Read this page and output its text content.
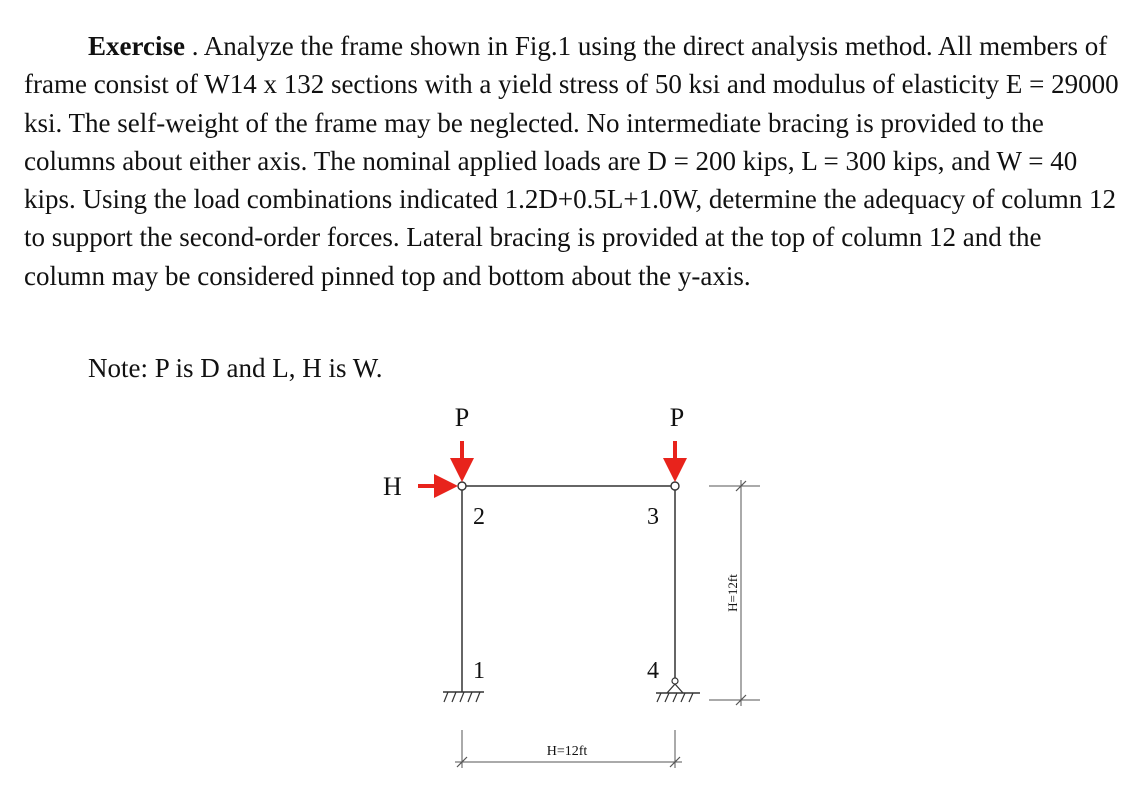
Exercise . Analyze the frame shown in Fig.1 using the direct analysis method. All members of frame consist of W14 x 132 sections with a yield stress of 50 ksi and modulus of elasticity E = 29000 ksi. The self-weight of the frame may be neglected. No intermediate bracing is provided to the columns about either axis. The nominal applied loads are D = 200 kips, L = 300 kips, and W = 40 kips. Using the load combinations indicated 1.2D+0.5L+1.0W, determine the adequacy of column 12 to support the second-order forces. Lateral bracing is provided at the top of column 12 and the column may be considered pinned top and bottom about the y-axis.

Note: P is D and L, H is W.

P	P
H
2	3
1	4
H=12ft
H=12ft
